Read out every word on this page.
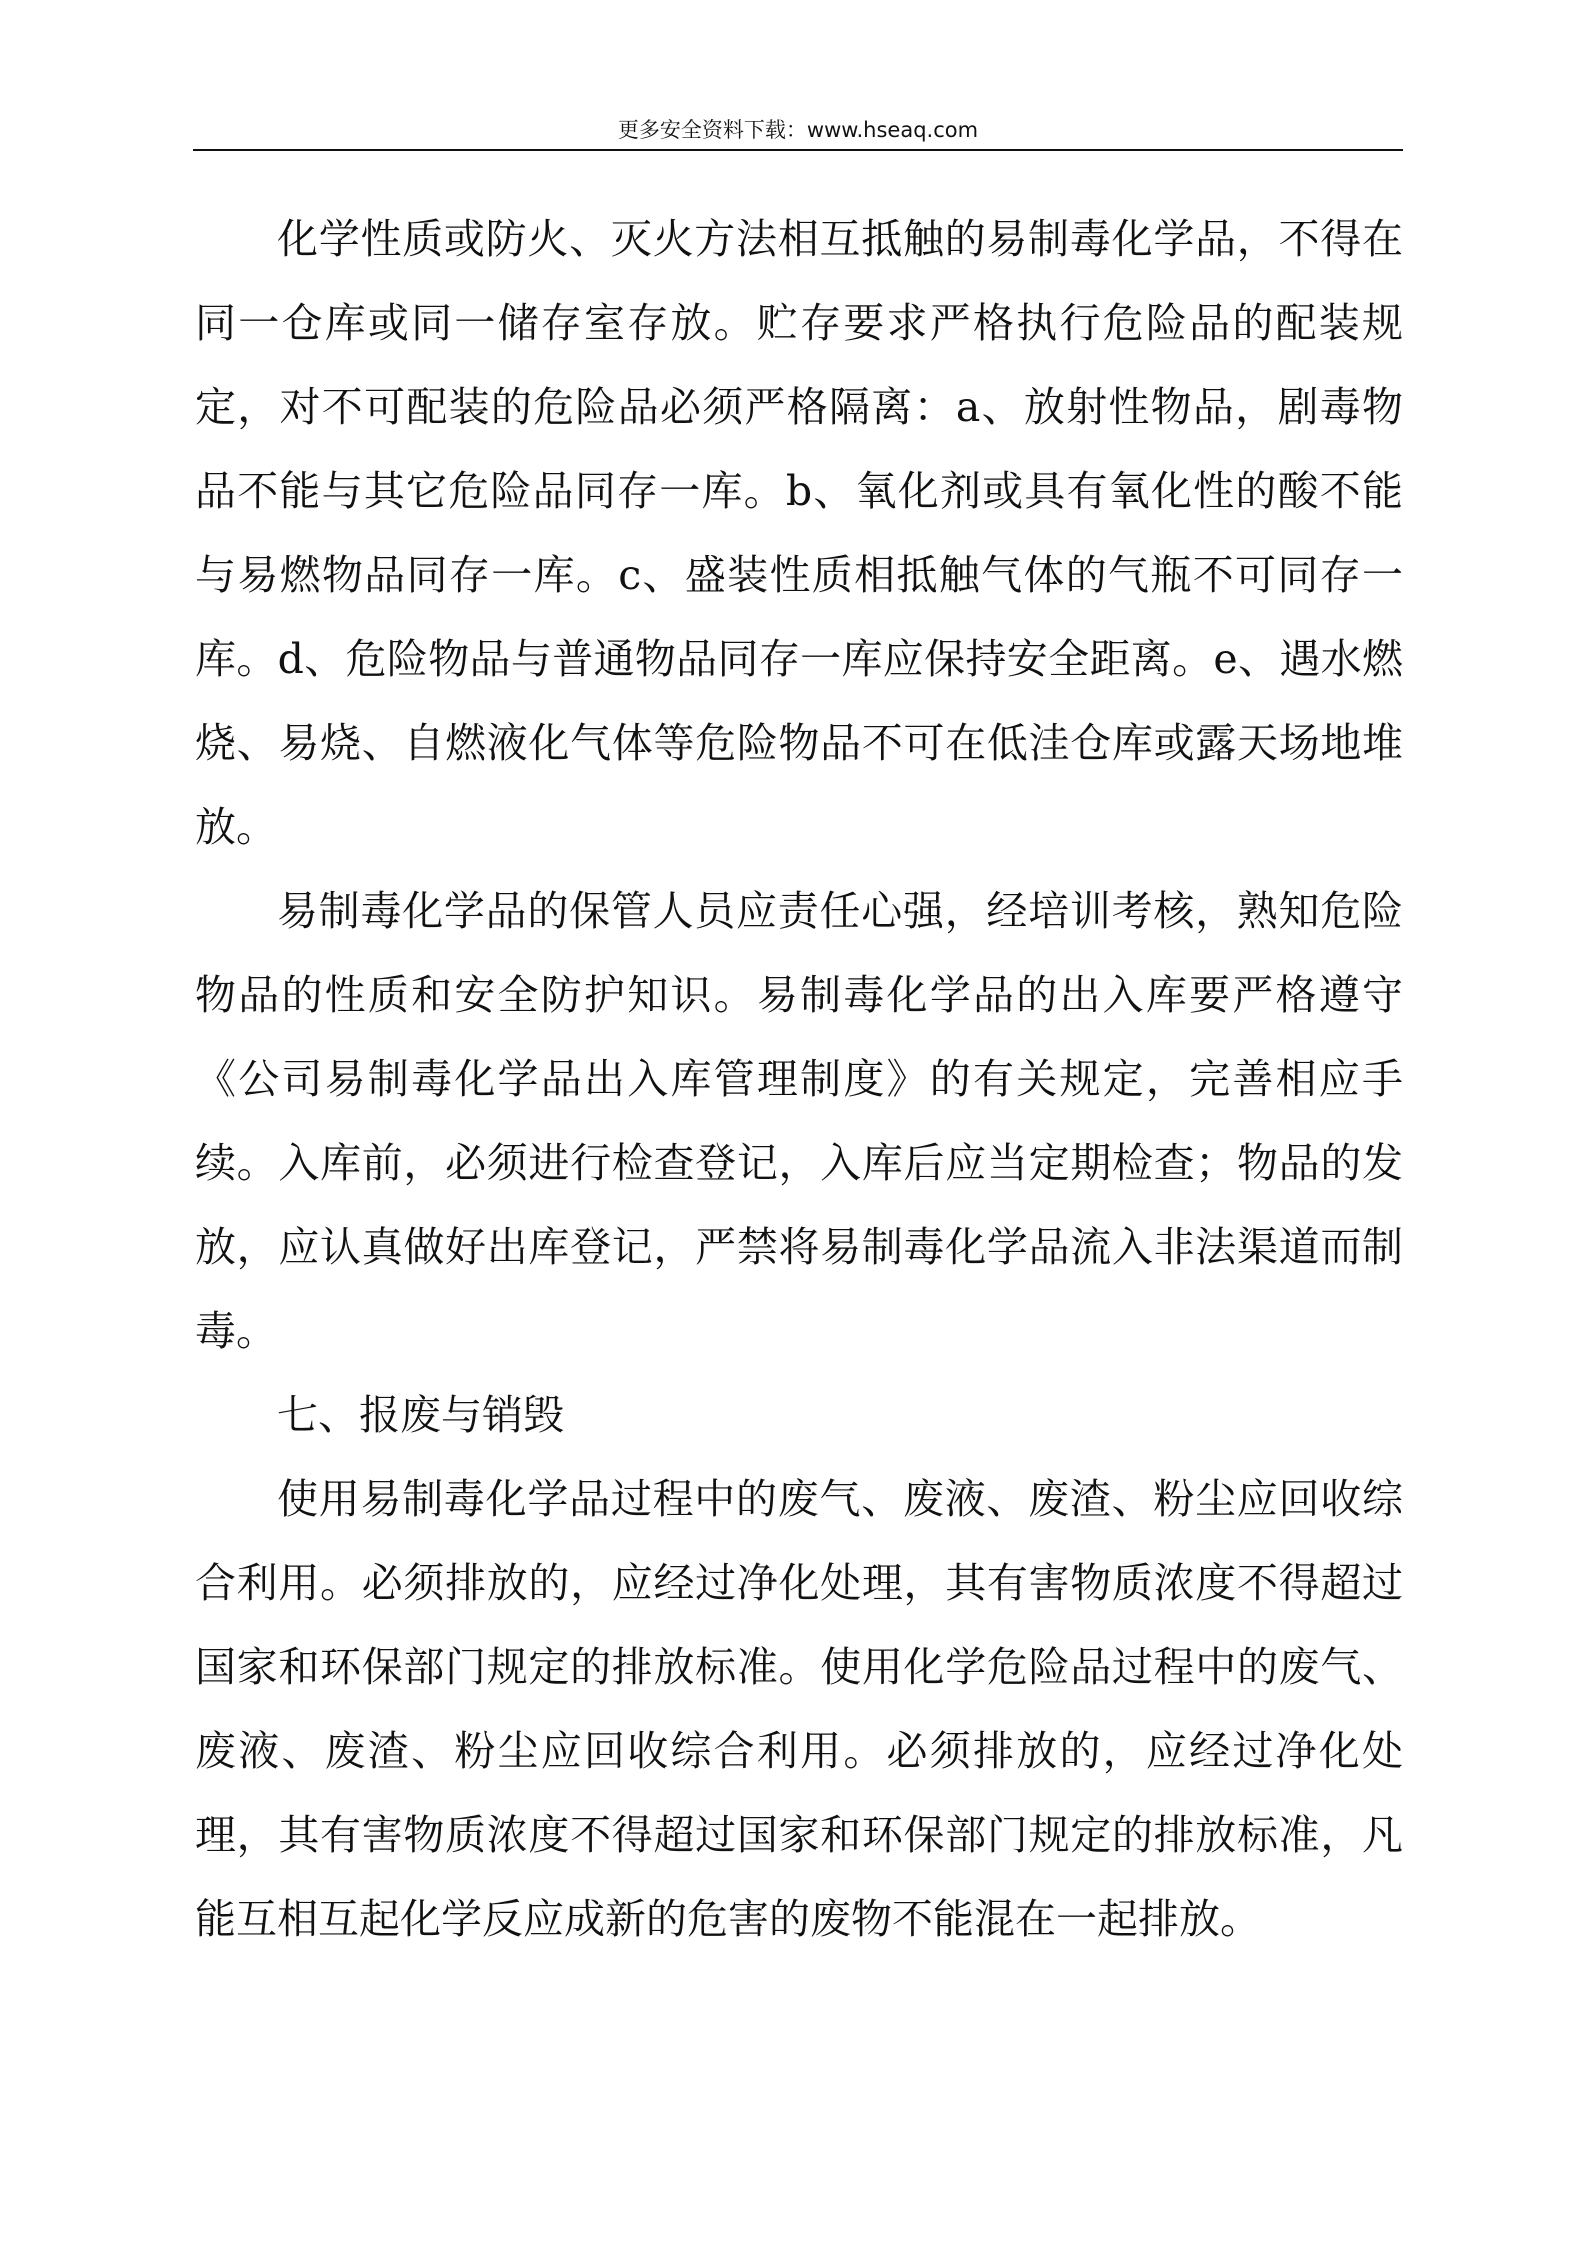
更多安全资料下载：www.hseaq.com

化学性质或防火、灭火方法相互抵触的易制毒化学品，不得在同一仓库或同一储存室存放。贮存要求严格执行危险品的配装规定，对不可配装的危险品必须严格隔离：a、放射性物品，剧毒物品不能与其它危险品同存一库。b、氧化剂或具有氧化性的酸不能与易燃物品同存一库。c、盛装性质相抵触气体的气瓶不可同存一库。d、危险物品与普通物品同存一库应保持安全距离。e、遇水燃烧、易烧、自燃液化气体等危险物品不可在低洼仓库或露天场地堆放。

易制毒化学品的保管人员应责任心强，经培训考核，熟知危险物品的性质和安全防护知识。易制毒化学品的出入库要严格遵守《公司易制毒化学品出入库管理制度》的有关规定，完善相应手续。入库前，必须进行检查登记，入库后应当定期检查；物品的发放，应认真做好出库登记，严禁将易制毒化学品流入非法渠道而制毒。

七、报废与销毁

使用易制毒化学品过程中的废气、废液、废渣、粉尘应回收综合利用。必须排放的，应经过净化处理，其有害物质浓度不得超过国家和环保部门规定的排放标准。使用化学危险品过程中的废气、废液、废渣、粉尘应回收综合利用。必须排放的，应经过净化处理，其有害物质浓度不得超过国家和环保部门规定的排放标准，凡能互相互起化学反应成新的危害的废物不能混在一起排放。
